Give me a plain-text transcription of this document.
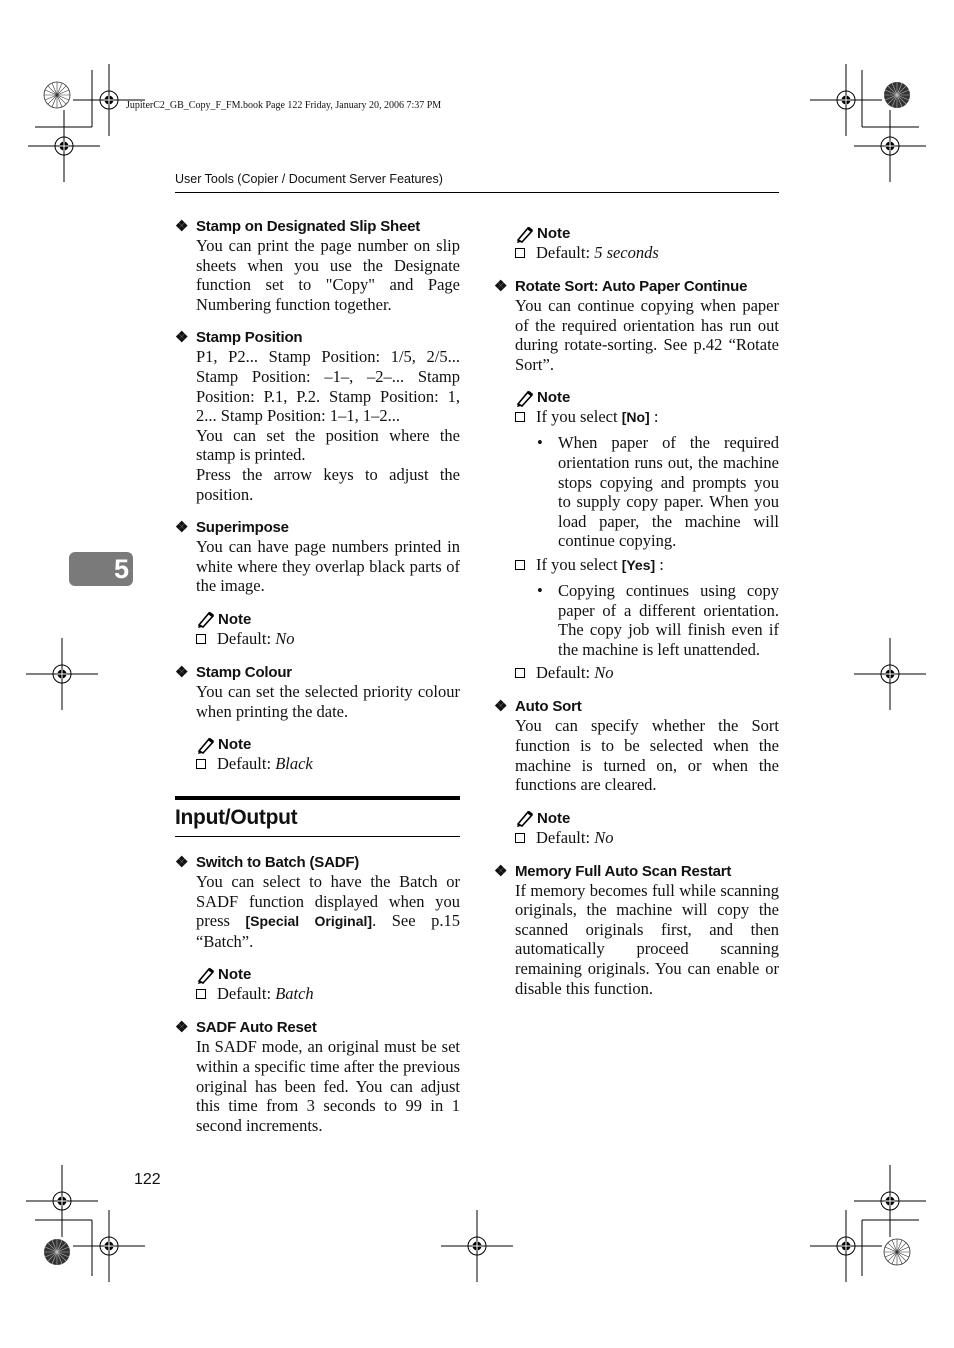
JupiterC2_GB_Copy_F_FM.book Page 122 Friday, January 20, 2006 7:37 PM
User Tools (Copier / Document Server Features)
5
❖ Stamp on Designated Slip Sheet
You can print the page number on slip sheets when you use the Designate function set to "Copy" and Page Numbering function together.
❖ Stamp Position
P1, P2... Stamp Position: 1/5, 2/5... Stamp Position: –1–, –2–... Stamp Position: P.1, P.2. Stamp Position: 1, 2... Stamp Position: 1–1, 1–2...
You can set the position where the stamp is printed.
Press the arrow keys to adjust the position.
❖ Superimpose
You can have page numbers printed in white where they overlap black parts of the image.
Note
Default:
No
❖ Stamp Colour
You can set the selected priority colour when printing the date.
Note
Default:
Black
Input/Output
❖ Switch to Batch (SADF)
You can select to have the Batch or SADF function displayed when you press [Special Original]. See p.15 “Batch”.
Note
Default:
Batch
❖ SADF Auto Reset
In SADF mode, an original must be set within a specific time after the previous original has been fed. You can adjust this time from 3 seconds to 99 in 1 second increments.
Note
Default:
5 seconds
❖ Rotate Sort: Auto Paper Continue
You can continue copying when paper of the required orientation has run out during rotate-sorting. See p.42 “Rotate Sort”.
Note
If you select
[No]
:
• When paper of the required orientation runs out, the machine stops copying and prompts you to supply copy paper. When you load paper, the machine will continue copying.
If you select
[Yes]
:
• Copying continues using copy paper of a different orientation. The copy job will finish even if the machine is left unattended.
Default:
No
❖ Auto Sort
You can specify whether the Sort function is to be selected when the machine is turned on, or when the functions are cleared.
Note
Default:
No
❖ Memory Full Auto Scan Restart
If memory becomes full while scanning originals, the machine will copy the scanned originals first, and then automatically proceed scanning remaining originals. You can enable or disable this function.
122
